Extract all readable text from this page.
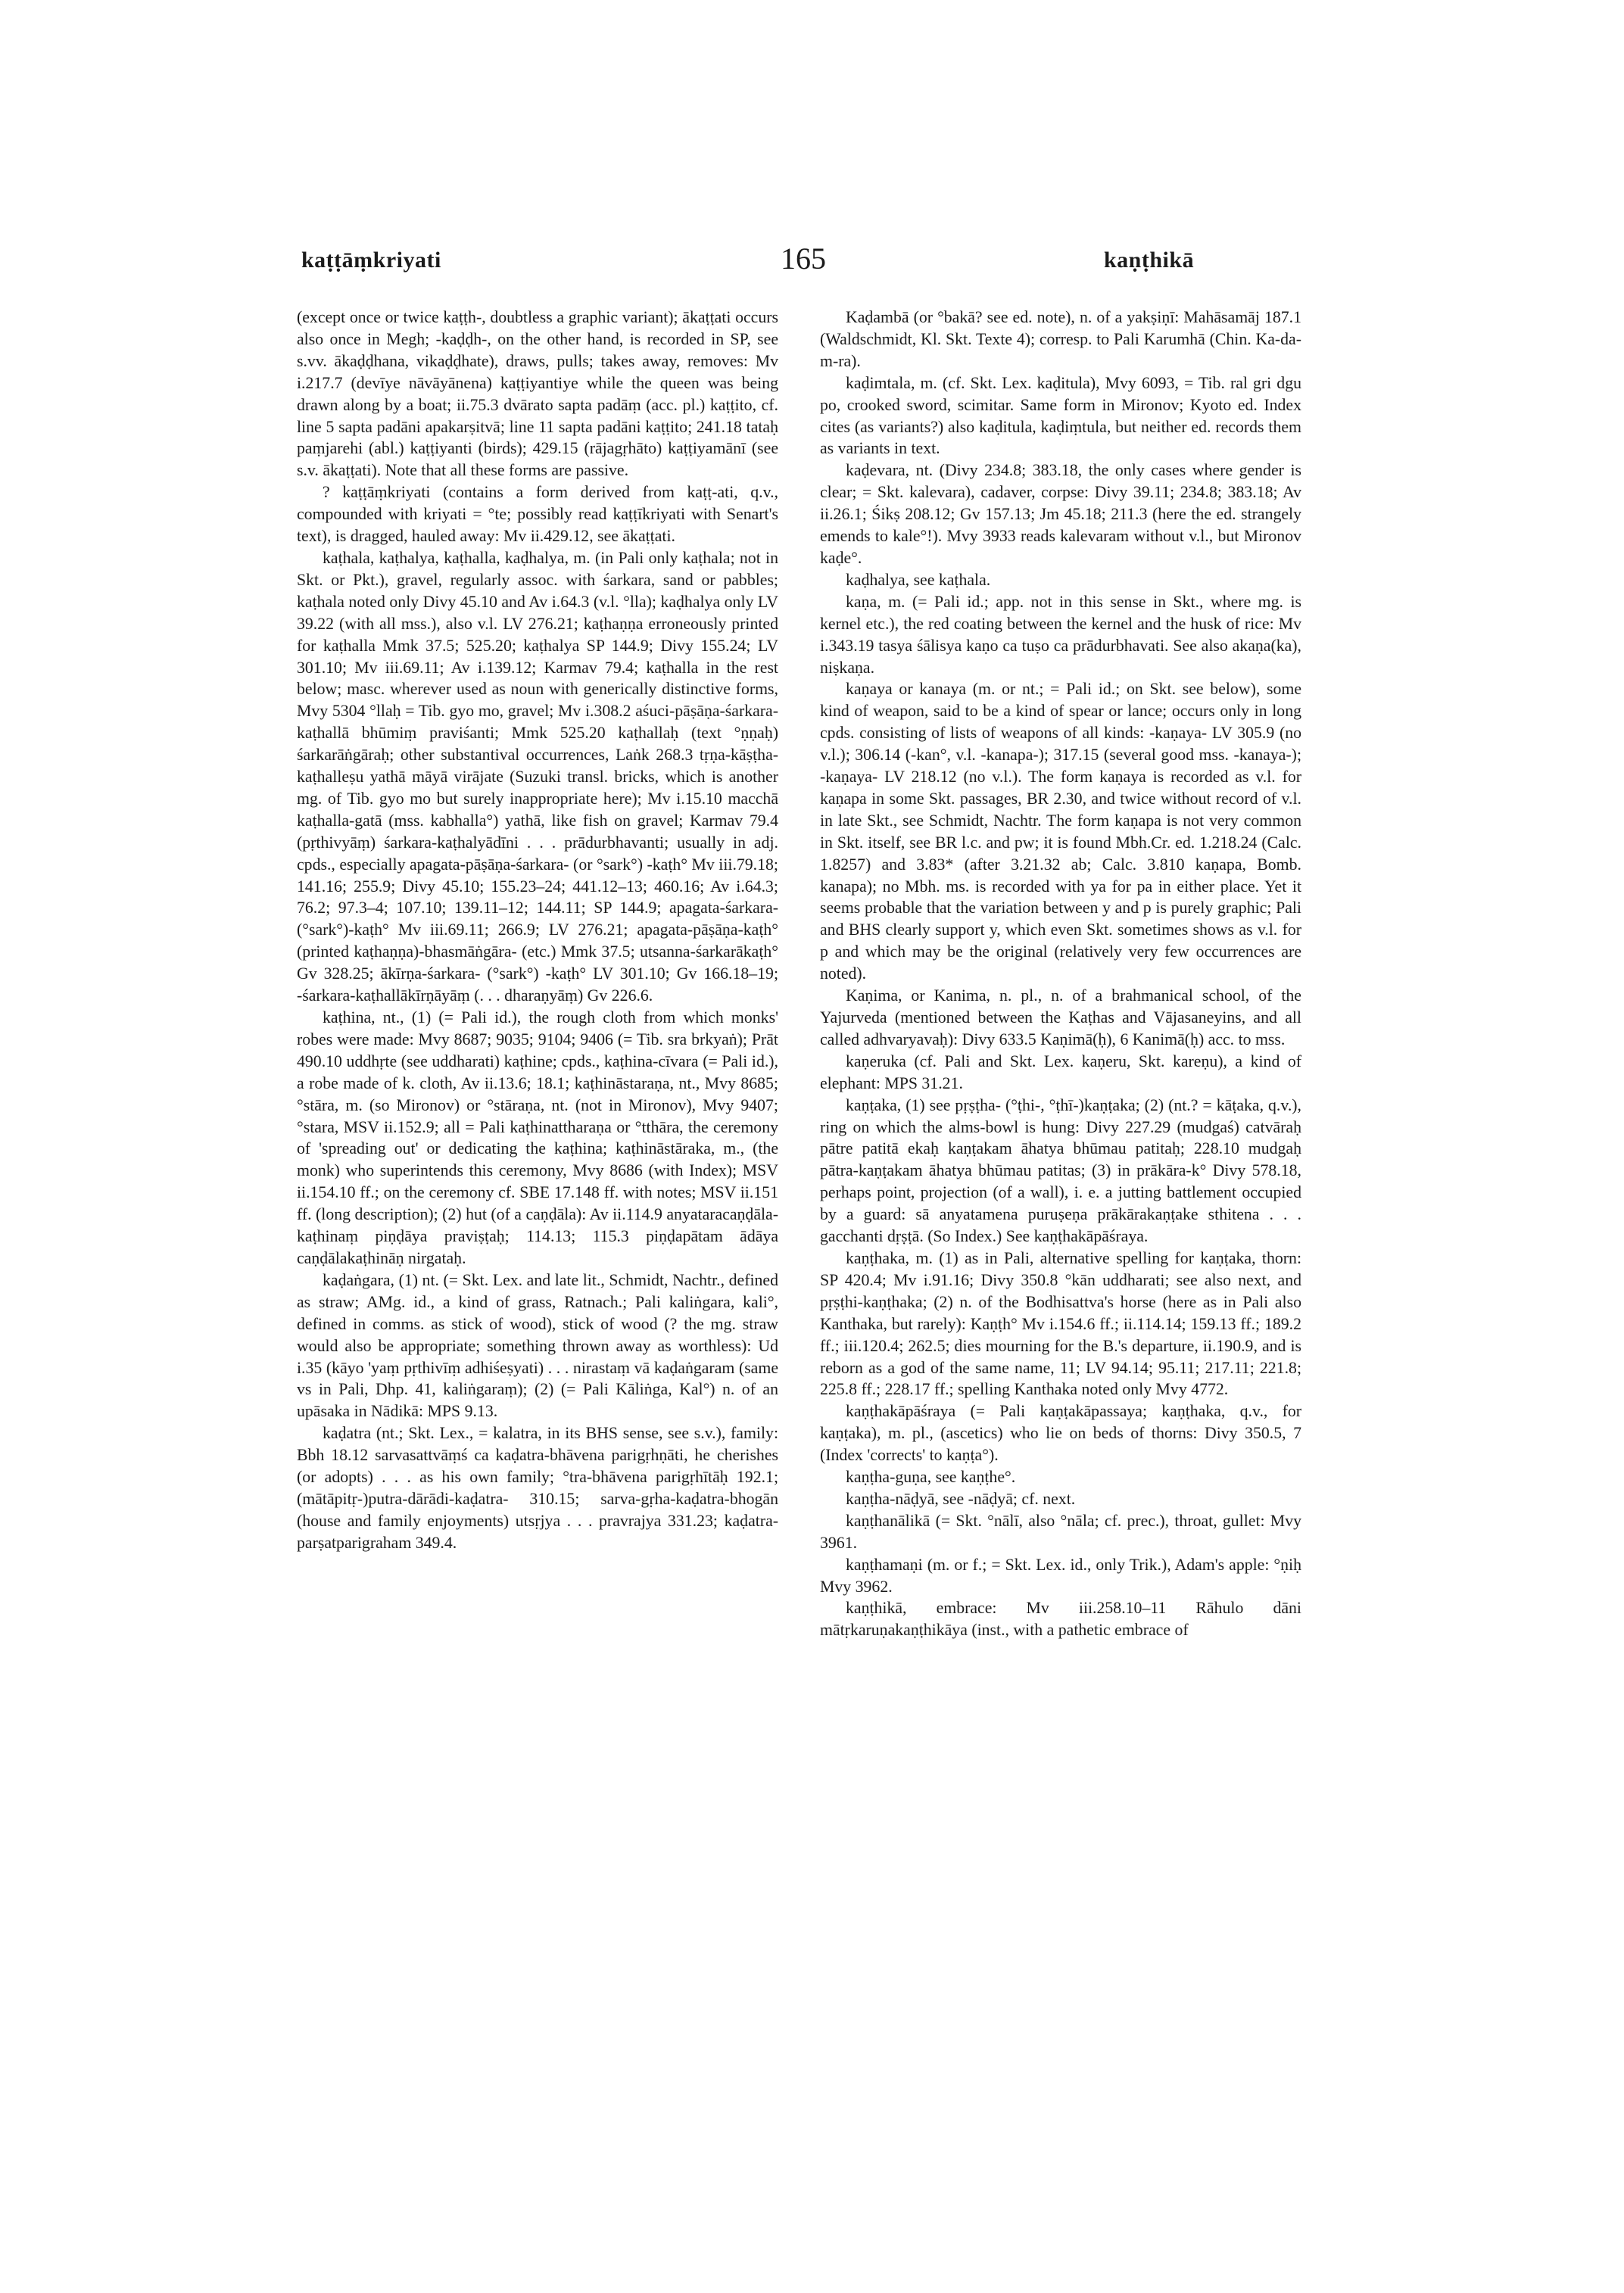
kaṭṭāṃkriyati	165	kaṇṭhikā

(except once or twice kaṭṭh-, doubtless a graphic variant); ākaṭṭati occurs also once in Megh; -kaḍḍh-, on the other hand, is recorded in SP, see s.vv. ākaḍḍhana, vikaḍḍhate), draws, pulls; takes away, removes: Mv i.217.7 (devīye nāvāyānena) kaṭṭiyantiye while the queen was being drawn along by a boat; ii.75.3 dvārato sapta padāṃ (acc. pl.) kaṭṭito, cf. line 5 sapta padāni apakarṣitvā; line 11 sapta padāni kaṭṭito; 241.18 tataḥ paṃjarehi (abl.) kaṭṭiyanti (birds); 429.15 (rājagṛhāto) kaṭṭiyamānī (see s.v. ākaṭṭati). Note that all these forms are passive.

? kaṭṭāṃkriyati (contains a form derived from kaṭṭ-ati, q.v., compounded with kriyati = °te; possibly read kaṭṭīkriyati with Senart's text), is dragged, hauled away: Mv ii.429.12, see ākaṭṭati.

kaṭhala, kaṭhalya, kaṭhalla, kaḍhalya, m. (in Pali only kaṭhala; not in Skt. or Pkt.), gravel, regularly assoc. with śarkara, sand or pabbles; kaṭhala noted only Divy 45.10 and Av i.64.3 (v.l. °lla); kaḍhalya only LV 39.22 (with all mss.), also v.l. LV 276.21; kaṭhaṇṇa erroneously printed for kaṭhalla Mmk 37.5; 525.20; kaṭhalya SP 144.9; Divy 155.24; LV 301.10; Mv iii.69.11; Av i.139.12; Karmav 79.4; kaṭhalla in the rest below; masc. wherever used as noun with generically distinctive forms, Mvy 5304 °llaḥ = Tib. gyo mo, gravel; Mv i.308.2 aśuci-pāṣāṇa-śarkara-kaṭhallā bhūmiṃ praviśanti; Mmk 525.20 kaṭhallaḥ (text °ṇṇaḥ) śarkarāṅgāraḥ; other substantival occurrences, Laṅk 268.3 tṛṇa-kāṣṭha-kaṭhalleṣu yathā māyā virājate (Suzuki transl. bricks, which is another mg. of Tib. gyo mo but surely inappropriate here); Mv i.15.10 macchā kaṭhalla-gatā (mss. kabhalla°) yathā, like fish on gravel; Karmav 79.4 (pṛthivyāṃ) śarkara-kaṭhalyādīni . . . prādurbhavanti; usually in adj. cpds., especially apagata-pāṣāṇa-śarkara- (or °sark°) -kaṭh° Mv iii.79.18; 141.16; 255.9; Divy 45.10; 155.23–24; 441.12–13; 460.16; Av i.64.3; 76.2; 97.3–4; 107.10; 139.11–12; 144.11; SP 144.9; apagata-śarkara- (°sark°)-kaṭh° Mv iii.69.11; 266.9; LV 276.21; apagata-pāṣāṇa-kaṭh° (printed kaṭhaṇṇa)-bhasmāṅgāra- (etc.) Mmk 37.5; utsanna-śarkarākaṭh° Gv 328.25; ākīrṇa-śarkara- (°sark°) -kaṭh° LV 301.10; Gv 166.18–19; -śarkara-kaṭhallākīrṇāyāṃ (. . . dharaṇyāṃ) Gv 226.6.

kaṭhina, nt., (1) (= Pali id.), the rough cloth from which monks' robes were made: Mvy 8687; 9035; 9104; 9406 (= Tib. sra brkyaṅ); Prāt 490.10 uddhṛte (see uddharati) kaṭhine; cpds., kaṭhina-cīvara (= Pali id.), a robe made of k. cloth, Av ii.13.6; 18.1; kaṭhināstaraṇa, nt., Mvy 8685; °stāra, m. (so Mironov) or °stāraṇa, nt. (not in Mironov), Mvy 9407; °stara, MSV ii.152.9; all = Pali kaṭhinattharaṇa or °tthāra, the ceremony of 'spreading out' or dedicating the kaṭhina; kaṭhināstāraka, m., (the monk) who superintends this ceremony, Mvy 8686 (with Index); MSV ii.154.10 ff.; on the ceremony cf. SBE 17.148 ff. with notes; MSV ii.151 ff. (long description); (2) hut (of a caṇḍāla): Av ii.114.9 anyataracaṇḍāla-kaṭhinaṃ piṇḍāya praviṣṭaḥ; 114.13; 115.3 piṇḍapātam ādāya caṇḍālakaṭhināṇ nirgataḥ.

kaḍaṅgara, (1) nt. (= Skt. Lex. and late lit., Schmidt, Nachtr., defined as straw; AMg. id., a kind of grass, Ratnach.; Pali kaliṅgara, kali°, defined in comms. as stick of wood), stick of wood (? the mg. straw would also be appropriate; something thrown away as worthless): Ud i.35 (kāyo 'yaṃ pṛthivīṃ adhiśeṣyati) . . . nirastaṃ vā kaḍaṅgaram (same vs in Pali, Dhp. 41, kaliṅgaraṃ); (2) (= Pali Kāliṅga, Kal°) n. of an upāsaka in Nādikā: MPS 9.13.

kaḍatra (nt.; Skt. Lex., = kalatra, in its BHS sense, see s.v.), family: Bbh 18.12 sarvasattvāṃś ca kaḍatra-bhāvena parigṛhṇāti, he cherishes (or adopts) . . . as his own family; °tra-bhāvena parigṛhītāḥ 192.1; (mātāpitṛ-)putra-dārādi-kaḍatra- 310.15; sarva-gṛha-kaḍatra-bhogān (house and family enjoyments) utsṛjya . . . pravrajya 331.23; kaḍatra-parṣatparigraham 349.4.

Kaḍambā (or °bakā? see ed. note), n. of a yakṣiṇī: Mahāsamāj 187.1 (Waldschmidt, Kl. Skt. Texte 4); corresp. to Pali Karumhā (Chin. Ka-da-m-ra).

kaḍimtala, m. (cf. Skt. Lex. kaḍitula), Mvy 6093, = Tib. ral gri dgu po, crooked sword, scimitar. Same form in Mironov; Kyoto ed. Index cites (as variants?) also kaḍitula, kaḍiṃtula, but neither ed. records them as variants in text.

kaḍevara, nt. (Divy 234.8; 383.18, the only cases where gender is clear; = Skt. kalevara), cadaver, corpse: Divy 39.11; 234.8; 383.18; Av ii.26.1; Śikṣ 208.12; Gv 157.13; Jm 45.18; 211.3 (here the ed. strangely emends to kale°!). Mvy 3933 reads kalevaram without v.l., but Mironov kaḍe°.

kaḍhalya, see kaṭhala.

kaṇa, m. (= Pali id.; app. not in this sense in Skt., where mg. is kernel etc.), the red coating between the kernel and the husk of rice: Mv i.343.19 tasya śālisya kaṇo ca tuṣo ca prādurbhavati. See also akaṇa(ka), niṣkaṇa.

kaṇaya or kanaya (m. or nt.; = Pali id.; on Skt. see below), some kind of weapon, said to be a kind of spear or lance; occurs only in long cpds. consisting of lists of weapons of all kinds: -kaṇaya- LV 305.9 (no v.l.); 306.14 (-kan°, v.l. -kanapa-); 317.15 (several good mss. -kanaya-); -kaṇaya- LV 218.12 (no v.l.). The form kaṇaya is recorded as v.l. for kaṇapa in some Skt. passages, BR 2.30, and twice without record of v.l. in late Skt., see Schmidt, Nachtr. The form kaṇapa is not very common in Skt. itself, see BR l.c. and pw; it is found Mbh.Cr. ed. 1.218.24 (Calc. 1.8257) and 3.83* (after 3.21.32 ab; Calc. 3.810 kaṇapa, Bomb. kanapa); no Mbh. ms. is recorded with ya for pa in either place. Yet it seems probable that the variation between y and p is purely graphic; Pali and BHS clearly support y, which even Skt. sometimes shows as v.l. for p and which may be the original (relatively very few occurrences are noted).

Kaṇima, or Kanima, n. pl., n. of a brahmanical school, of the Yajurveda (mentioned between the Kaṭhas and Vājasaneyins, and all called adhvaryavaḥ): Divy 633.5 Kaṇimā(ḥ), 6 Kanimā(ḥ) acc. to mss.

kaṇeruka (cf. Pali and Skt. Lex. kaṇeru, Skt. kareṇu), a kind of elephant: MPS 31.21.

kaṇṭaka, (1) see pṛṣṭha- (°ṭhi-, °ṭhī-)kaṇṭaka; (2) (nt.? = kāṭaka, q.v.), ring on which the alms-bowl is hung: Divy 227.29 (mudgaś) catvāraḥ pātre patitā ekaḥ kaṇṭakam āhatya bhūmau patitaḥ; 228.10 mudgaḥ pātra-kaṇṭakam āhatya bhūmau patitas; (3) in prākāra-k° Divy 578.18, perhaps point, projection (of a wall), i. e. a jutting battlement occupied by a guard: sā anyatamena puruṣeṇa prākārakaṇṭake sthitena . . . gacchanti dṛṣṭā. (So Index.) See kaṇṭhakāpāśraya.

kaṇṭhaka, m. (1) as in Pali, alternative spelling for kaṇṭaka, thorn: SP 420.4; Mv i.91.16; Divy 350.8 °kān uddharati; see also next, and pṛṣṭhi-kaṇṭhaka; (2) n. of the Bodhisattva's horse (here as in Pali also Kanthaka, but rarely): Kaṇṭh° Mv i.154.6 ff.; ii.114.14; 159.13 ff.; 189.2 ff.; iii.120.4; 262.5; dies mourning for the B.'s departure, ii.190.9, and is reborn as a god of the same name, 11; LV 94.14; 95.11; 217.11; 221.8; 225.8 ff.; 228.17 ff.; spelling Kanthaka noted only Mvy 4772.

kaṇṭhakāpāśraya (= Pali kaṇṭakāpassaya; kaṇṭhaka, q.v., for kaṇṭaka), m. pl., (ascetics) who lie on beds of thorns: Divy 350.5, 7 (Index 'corrects' to kaṇṭa°).

kaṇṭha-guṇa, see kaṇṭhe°.

kaṇṭha-nāḍyā, see -nāḍyā; cf. next.

kaṇṭhanālikā (= Skt. °nālī, also °nāla; cf. prec.), throat, gullet: Mvy 3961.

kaṇṭhamaṇi (m. or f.; = Skt. Lex. id., only Trik.), Adam's apple: °ṇiḥ Mvy 3962.

kaṇṭhikā, embrace: Mv iii.258.10–11 Rāhulo dāni mātṛkaruṇakaṇṭhikāya (inst., with a pathetic embrace of
